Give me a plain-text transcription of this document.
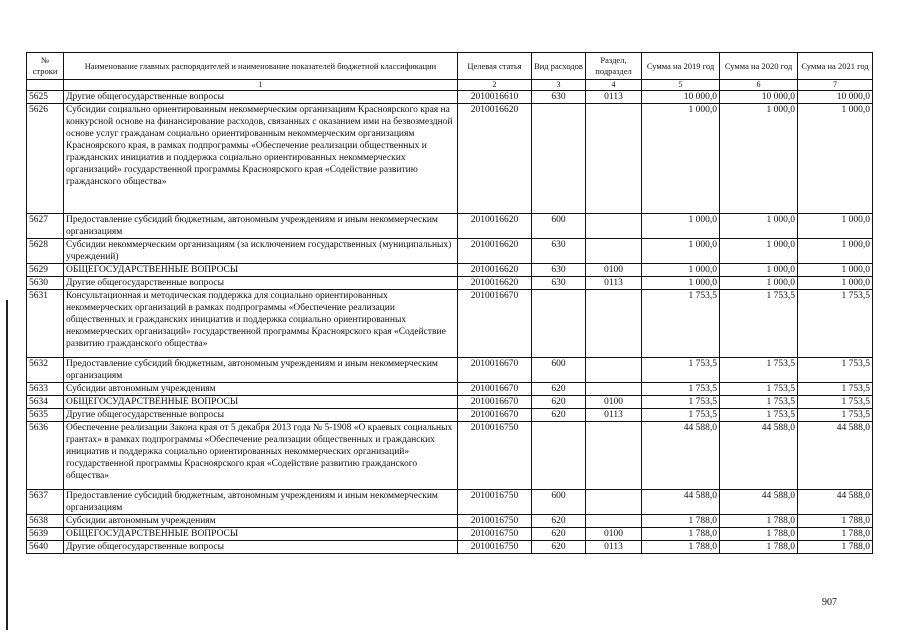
№ строки	Наименование главных распорядителей и наименование показателей бюджетной классификации	Целевая статья	Вид расходов	Раздел, подраздел	Сумма на 2019 год	Сумма на 2020 год	Сумма на 2021 год
	1	2	3	4	5	6	7
5625	Другие общегосударственные вопросы	2010016610	630	0113	10 000,0	10 000,0	10 000,0
5626	Субсидии социально ориентированным некоммерческим организациям Красноярского края на конкурсной основе на финансирование расходов, связанных с оказанием ими на безвозмездной основе услуг гражданам социально ориентированным некоммерческим организациям Красноярского края, в рамках подпрограммы «Обеспечение реализации общественных и гражданских инициатив и поддержка социально ориентированных некоммерческих организаций» государственной программы Красноярского края «Содействие развитию гражданского общества»	2010016620			1 000,0	1 000,0	1 000,0
5627	Предоставление субсидий бюджетным, автономным учреждениям и иным некоммерческим организациям	2010016620	600		1 000,0	1 000,0	1 000,0
5628	Субсидии некоммерческим организациям (за исключением государственных (муниципальных) учреждений)	2010016620	630		1 000,0	1 000,0	1 000,0
5629	ОБЩЕГОСУДАРСТВЕННЫЕ ВОПРОСЫ	2010016620	630	0100	1 000,0	1 000,0	1 000,0
5630	Другие общегосударственные вопросы	2010016620	630	0113	1 000,0	1 000,0	1 000,0
5631	Консультационная и методическая поддержка для социально ориентированных некоммерческих организаций в рамках подпрограммы «Обеспечение реализации общественных и гражданских инициатив и поддержка социально ориентированных некоммерческих организаций» государственной программы Красноярского края «Содействие развитию гражданского общества»	2010016670			1 753,5	1 753,5	1 753,5
5632	Предоставление субсидий бюджетным, автономным учреждениям и иным некоммерческим организациям	2010016670	600		1 753,5	1 753,5	1 753,5
5633	Субсидии автономным учреждениям	2010016670	620		1 753,5	1 753,5	1 753,5
5634	ОБЩЕГОСУДАРСТВЕННЫЕ ВОПРОСЫ	2010016670	620	0100	1 753,5	1 753,5	1 753,5
5635	Другие общегосударственные вопросы	2010016670	620	0113	1 753,5	1 753,5	1 753,5
5636	Обеспечение реализации Закона края от 5 декабря 2013 года № 5-1908 «О краевых социальных грантах» в рамках подпрограммы «Обеспечение реализации общественных и гражданских инициатив и поддержка социально ориентированных некоммерческих организаций» государственной программы Красноярского края «Содействие развитию гражданского общества»	2010016750			44 588,0	44 588,0	44 588,0
5637	Предоставление субсидий бюджетным, автономным учреждениям и иным некоммерческим организациям	2010016750	600		44 588,0	44 588,0	44 588,0
5638	Субсидии автономным учреждениям	2010016750	620		1 788,0	1 788,0	1 788,0
5639	ОБЩЕГОСУДАРСТВЕННЫЕ ВОПРОСЫ	2010016750	620	0100	1 788,0	1 788,0	1 788,0
5640	Другие общегосударственные вопросы	2010016750	620	0113	1 788,0	1 788,0	1 788,0
907
